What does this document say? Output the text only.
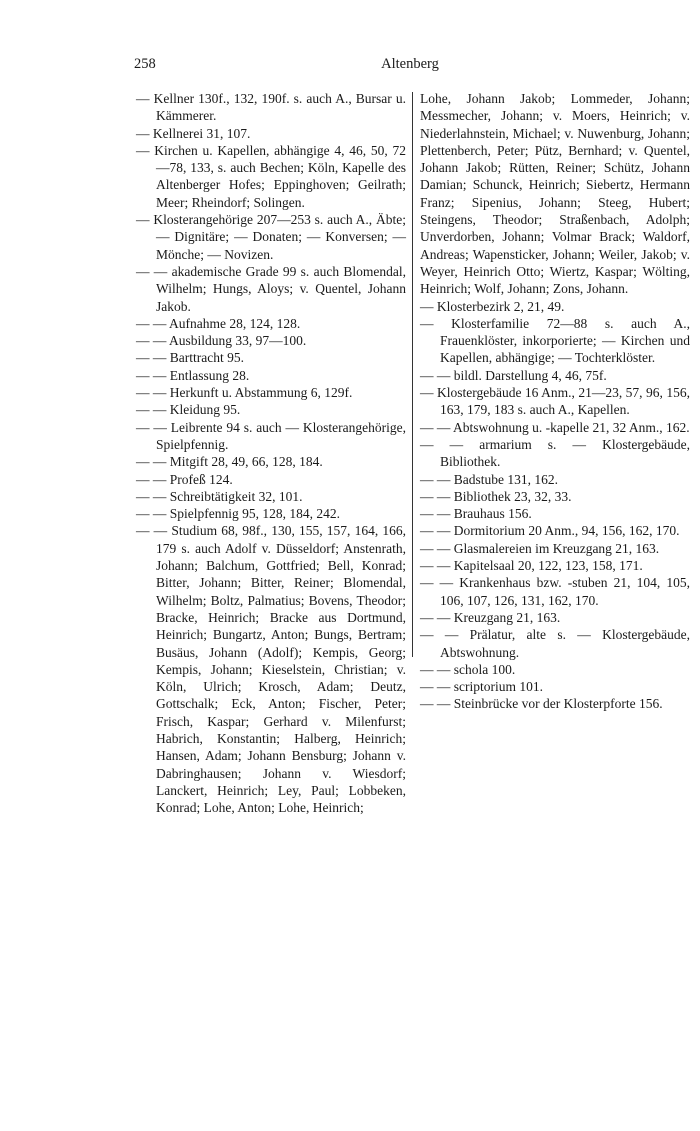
258	Altenberg

— Kellner 130f., 132, 190f. s. auch A., Bursar u. Kämmerer.

— Kellnerei 31, 107.

— Kirchen u. Kapellen, abhängige 4, 46, 50, 72—78, 133, s. auch Bechen; Köln, Kapelle des Altenberger Hofes; Eppinghoven; Geilrath; Meer; Rheindorf; Solingen.

— Klosterangehörige 207—253 s. auch A., Äbte; — Dignitäre; — Donaten; — Konversen; — Mönche; — Novizen.

— — akademische Grade 99 s. auch Blomendal, Wilhelm; Hungs, Aloys; v. Quentel, Johann Jakob.

— — Aufnahme 28, 124, 128.

— — Ausbildung 33, 97—100.

— — Barttracht 95.

— — Entlassung 28.

— — Herkunft u. Abstammung 6, 129f.

— — Kleidung 95.

— — Leibrente 94 s. auch — Klosterangehörige, Spielpfennig.

— — Mitgift 28, 49, 66, 128, 184.

— — Profeß 124.

— — Schreibtätigkeit 32, 101.

— — Spielpfennig 95, 128, 184, 242.

— — Studium 68, 98f., 130, 155, 157, 164, 166, 179 s. auch Adolf v. Düsseldorf; Anstenrath, Johann; Balchum, Gottfried; Bell, Konrad; Bitter, Johann; Bitter, Reiner; Blomendal, Wilhelm; Boltz, Palmatius; Bovens, Theodor; Bracke, Heinrich; Bracke aus Dortmund, Heinrich; Bungartz, Anton; Bungs, Bertram; Busäus, Johann (Adolf); Kempis, Georg; Kempis, Johann; Kieselstein, Christian; v. Köln, Ulrich; Krosch, Adam; Deutz, Gottschalk; Eck, Anton; Fischer, Peter; Frisch, Kaspar; Gerhard v. Milenfurst; Habrich, Konstantin; Halberg, Heinrich; Hansen, Adam; Johann Bensburg; Johann v. Dabringhausen; Johann v. Wiesdorf; Lanckert, Heinrich; Ley, Paul; Lobbeken, Konrad; Lohe, Anton; Lohe, Heinrich;

Lohe, Johann Jakob; Lommeder, Johann; Messmecher, Johann; v. Moers, Heinrich; v. Niederlahnstein, Michael; v. Nuwenburg, Johann; Plettenberch, Peter; Pütz, Bernhard; v. Quentel, Johann Jakob; Rütten, Reiner; Schütz, Johann Damian; Schunck, Heinrich; Siebertz, Hermann Franz; Sipenius, Johann; Steeg, Hubert; Steingens, Theodor; Straßenbach, Adolph; Unverdorben, Johann; Volmar Brack; Waldorf, Andreas; Wapensticker, Johann; Weiler, Jakob; v. Weyer, Heinrich Otto; Wiertz, Kaspar; Wölting, Heinrich; Wolf, Johann; Zons, Johann.

— Klosterbezirk 2, 21, 49.

— Klosterfamilie 72—88 s. auch A., Frauenklöster, inkorporierte; — Kirchen und Kapellen, abhängige; — Tochterklöster.

— — bildl. Darstellung 4, 46, 75f.

— Klostergebäude 16 Anm., 21—23, 57, 96, 156, 163, 179, 183 s. auch A., Kapellen.

— — Abtswohnung u. -kapelle 21, 32 Anm., 162.

— — armarium s. — Klostergebäude, Bibliothek.

— — Badstube 131, 162.

— — Bibliothek 23, 32, 33.

— — Brauhaus 156.

— — Dormitorium 20 Anm., 94, 156, 162, 170.

— — Glasmalereien im Kreuzgang 21, 163.

— — Kapitelsaal 20, 122, 123, 158, 171.

— — Krankenhaus bzw. -stuben 21, 104, 105, 106, 107, 126, 131, 162, 170.

— — Kreuzgang 21, 163.

— — Prälatur, alte s. — Klostergebäude, Abtswohnung.

— — schola 100.

— — scriptorium 101.

— — Steinbrücke vor der Klosterpforte 156.
